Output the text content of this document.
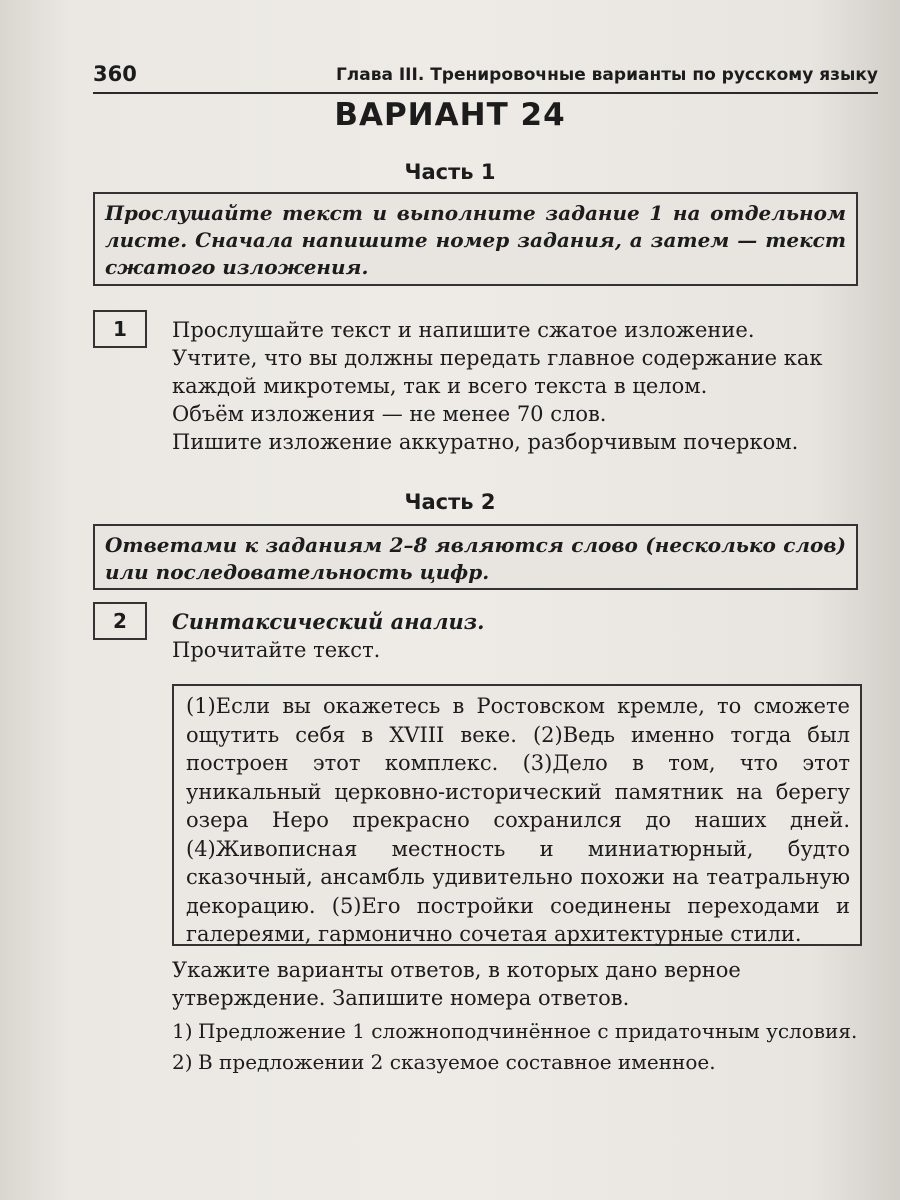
360	Глава III. Тренировочные варианты по русскому языку
ВАРИАНТ 24
Часть 1
Прослушайте текст и выполните задание 1 на отдельном листе. Сначала напишите номер задания, а затем — текст сжатого изложения.
1	Прослушайте текст и напишите сжатое изложение.

Учтите, что вы должны передать главное содержание как каждой микротемы, так и всего текста в целом.

Объём изложения — не менее 70 слов.

Пишите изложение аккуратно, разборчивым почерком.

Часть 2
Ответами к заданиям 2–8 являются слово (несколько слов) или последовательность цифр.
2	Синтаксический анализ.

Прочитайте текст.

(1)Если вы окажетесь в Ростовском кремле, то сможете ощутить себя в XVIII веке. (2)Ведь именно тогда был построен этот комплекс. (3)Дело в том, что этот уникальный церковно-исторический памятник на берегу озера Неро прекрасно сохранился до наших дней. (4)Живописная местность и миниатюрный, будто сказочный, ансамбль удивительно похожи на театральную декорацию. (5)Его постройки соединены переходами и галереями, гармонично сочетая архитектурные стили.

Укажите варианты ответов, в которых дано верное утверждение. Запишите номера ответов.

1) Предложение 1 сложноподчинённое с придаточным условия.
2) В предложении 2 сказуемое составное именное.
